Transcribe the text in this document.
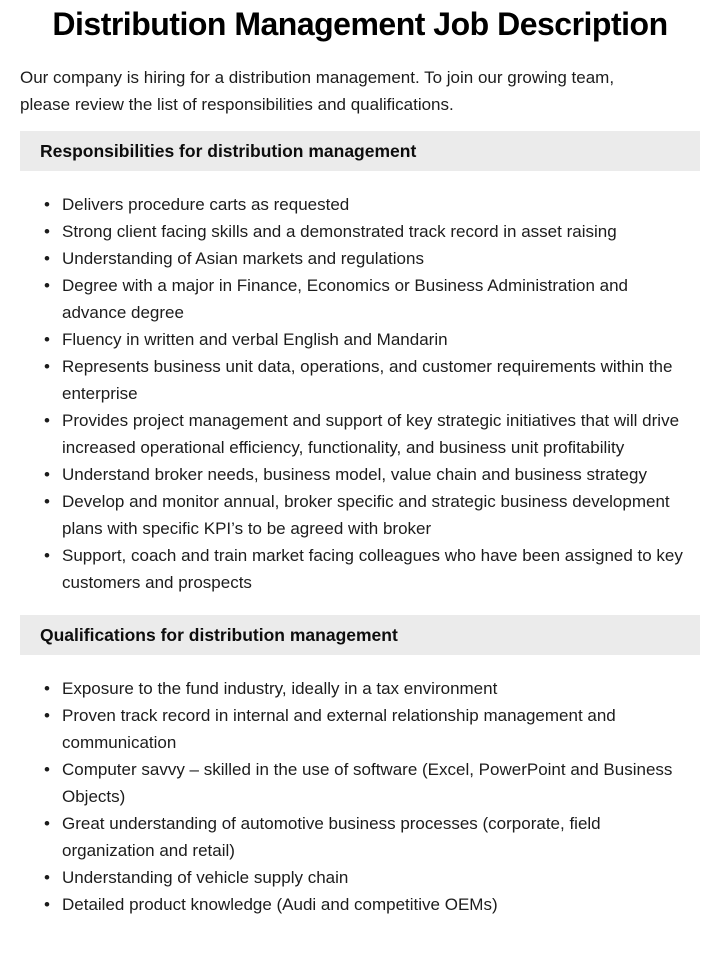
Distribution Management Job Description

Our company is hiring for a distribution management. To join our growing team, please review the list of responsibilities and qualifications.

Responsibilities for distribution management
• Delivers procedure carts as requested
• Strong client facing skills and a demonstrated track record in asset raising
• Understanding of Asian markets and regulations
• Degree with a major in Finance, Economics or Business Administration and advance degree
• Fluency in written and verbal English and Mandarin
• Represents business unit data, operations, and customer requirements within the enterprise
• Provides project management and support of key strategic initiatives that will drive increased operational efficiency, functionality, and business unit profitability
• Understand broker needs, business model, value chain and business strategy
• Develop and monitor annual, broker specific and strategic business development plans with specific KPI’s to be agreed with broker
• Support, coach and train market facing colleagues who have been assigned to key customers and prospects
Qualifications for distribution management
• Exposure to the fund industry, ideally in a tax environment
• Proven track record in internal and external relationship management and communication
• Computer savvy – skilled in the use of software (Excel, PowerPoint and Business Objects)
• Great understanding of automotive business processes (corporate, field organization and retail)
• Understanding of vehicle supply chain
• Detailed product knowledge (Audi and competitive OEMs)
